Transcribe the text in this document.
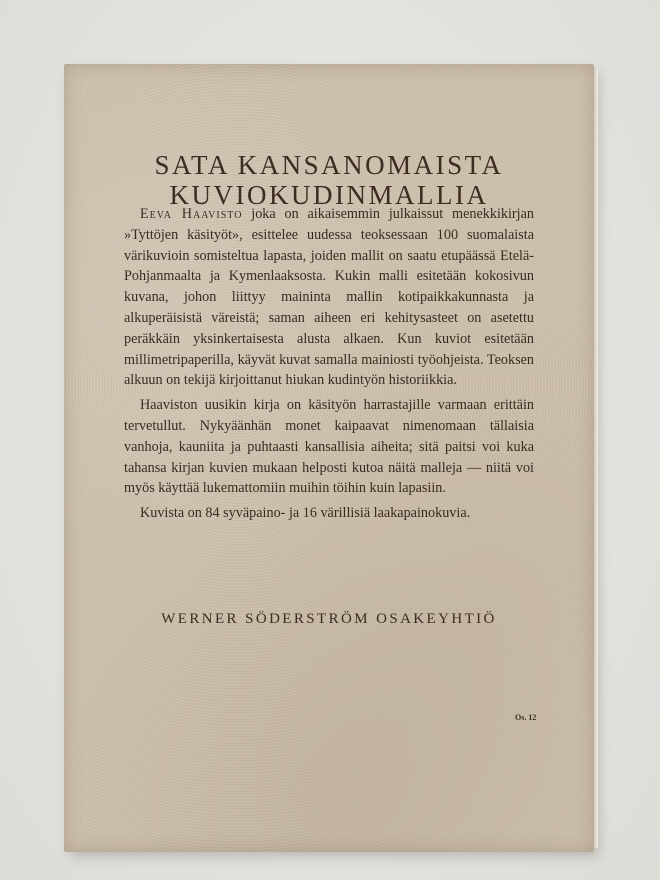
SATA KANSANOMAISTA
KUVIOKUDINMALLIA

Eeva Haavisto joka on aikaisemmin julkaissut menekkikirjan »Tyttöjen käsityöt», esittelee uudessa teoksessaan 100 suomalaista värikuvioin somisteltua lapasta, joiden mallit on saatu etupäässä Etelä-Pohjanmaalta ja Kymenlaaksosta. Kukin malli esitetään kokosivun kuvana, johon liittyy maininta mallin kotipaikkakunnasta ja alkuperäisistä väreistä; saman aiheen eri kehitysasteet on asetettu peräkkäin yksinkertaisesta alusta alkaen. Kun kuviot esitetään millimetripaperilla, käyvät kuvat samalla mainiosti työohjeista. Teoksen alkuun on tekijä kirjoittanut hiukan kudintyön historiikkia.

Haaviston uusikin kirja on käsityön harrastajille varmaan erittäin tervetullut. Nykyäänhän monet kaipaavat nimenomaan tällaisia vanhoja, kauniita ja puhtaasti kansallisia aiheita; sitä paitsi voi kuka tahansa kirjan kuvien mukaan helposti kutoa näitä malleja — niitä voi myös käyttää lukemattomiin muihin töihin kuin lapasiin.

Kuvista on 84 syväpaino- ja 16 värillisiä laakapainokuvia.

WERNER SÖDERSTRÖM OSAKEYHTIÖ
Os. 12
